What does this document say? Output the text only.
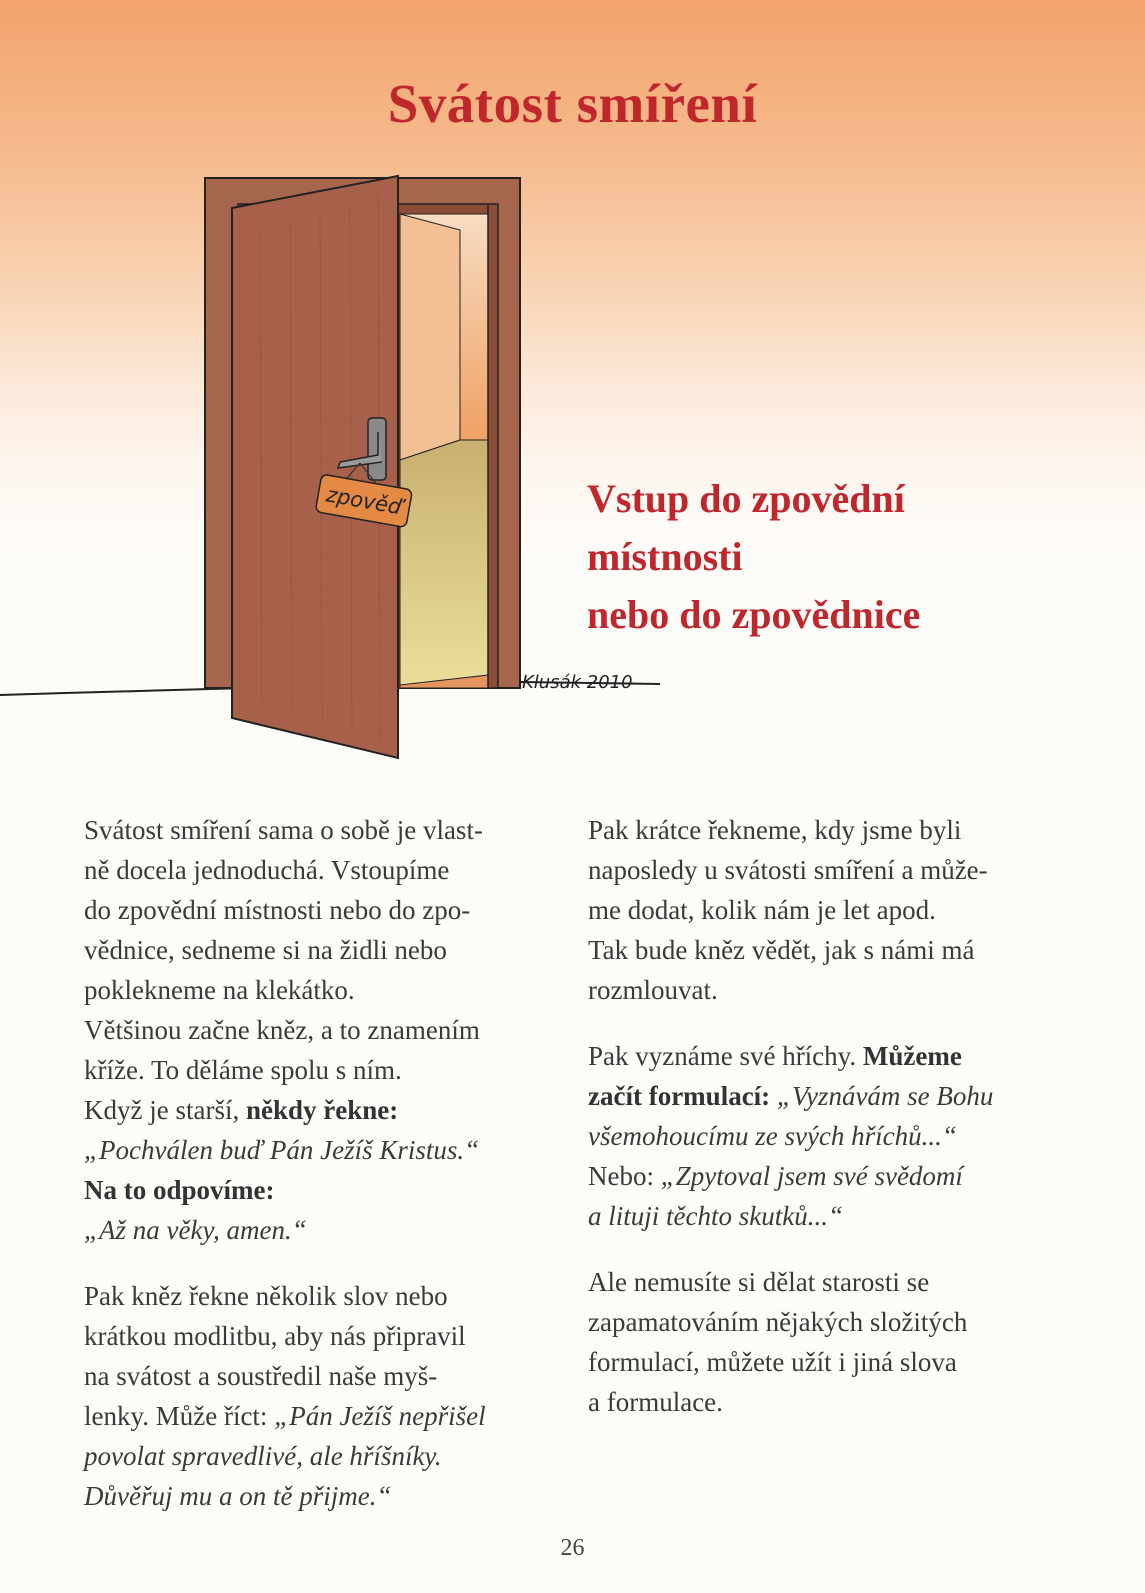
Svátost smíření
zpověď
Klusák 2010
Vstup do zpovědní
místnosti
nebo do zpovědnice

Svátost smíření sama o sobě je vlast-
ně docela jednoduchá. Vstoupíme
do zpovědní místnosti nebo do zpo-
vědnice, sedneme si na židli nebo
poklekneme na klekátko.
Většinou začne kněz, a to znamením
kříže. To děláme spolu s ním.
Když je starší, někdy řekne:
„Pochválen buď Pán Ježíš Kristus.“
Na to odpovíme:
„Až na věky, amen.“

Pak kněz řekne několik slov nebo
krátkou modlitbu, aby nás připravil
na svátost a soustředil naše myš-
lenky. Může říct: „Pán Ježíš nepřišel
povolat spravedlivé, ale hříšníky.
Důvěřuj mu a on tě přijme.“

Pak krátce řekneme, kdy jsme byli
naposledy u svátosti smíření a může-
me dodat, kolik nám je let apod.
Tak bude kněz vědět, jak s námi má
rozmlouvat.

Pak vyznáme své hříchy. Můžeme
začít formulací: „Vyznávám se Bohu
všemohoucímu ze svých hříchů...“
Nebo: „Zpytoval jsem své svědomí
a lituji těchto skutků...“

Ale nemusíte si dělat starosti se
zapamatováním nějakých složitých
formulací, můžete užít i jiná slova
a formulace.

26
